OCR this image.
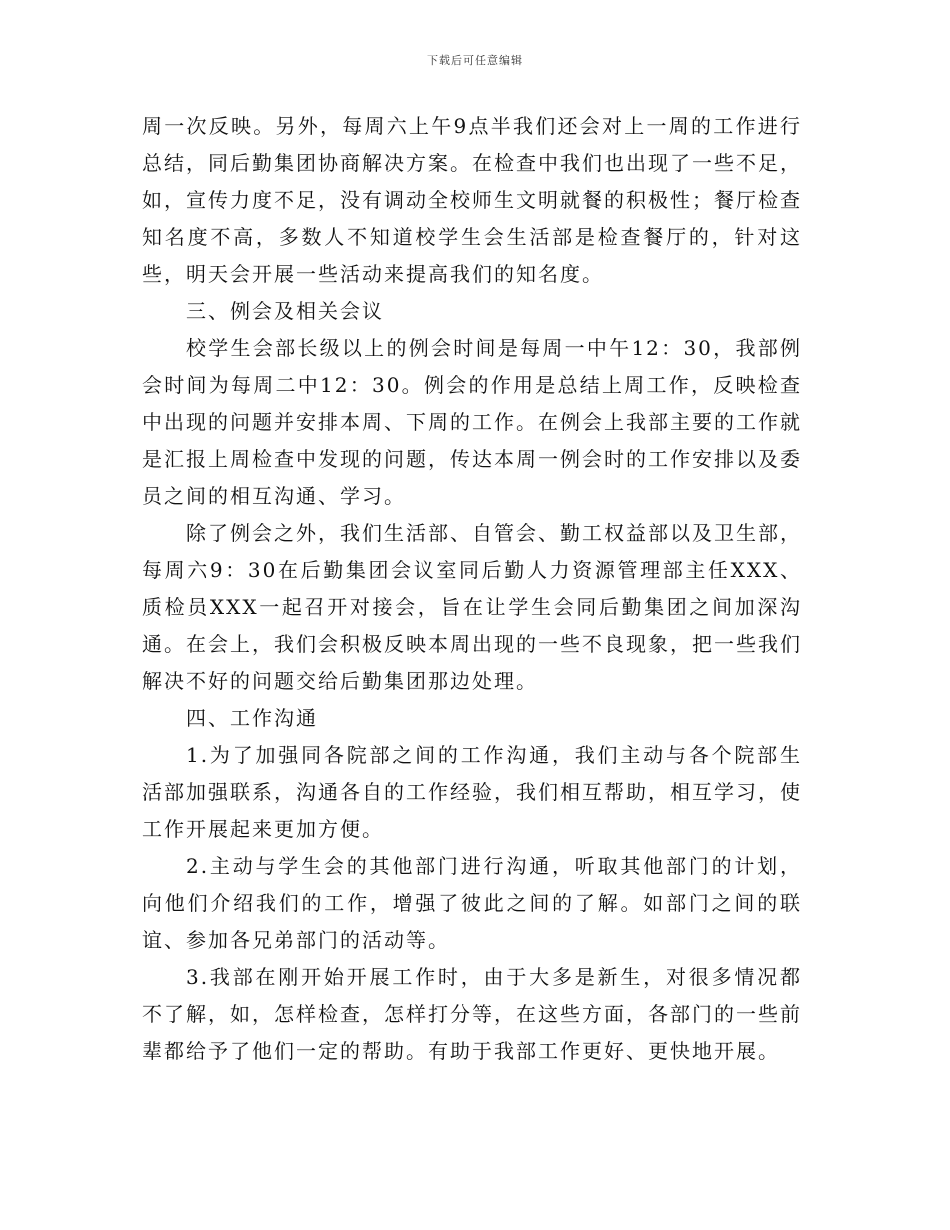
下载后可任意编辑

周一次反映。另外，每周六上午9点半我们还会对上一周的工作进行总结，同后勤集团协商解决方案。在检查中我们也出现了一些不足，如，宣传力度不足，没有调动全校师生文明就餐的积极性；餐厅检查知名度不高，多数人不知道校学生会生活部是检查餐厅的，针对这些，明天会开展一些活动来提高我们的知名度。

三、例会及相关会议

校学生会部长级以上的例会时间是每周一中午12：30，我部例会时间为每周二中12：30。例会的作用是总结上周工作，反映检查中出现的问题并安排本周、下周的工作。在例会上我部主要的工作就是汇报上周检查中发现的问题，传达本周一例会时的工作安排以及委员之间的相互沟通、学习。

除了例会之外，我们生活部、自管会、勤工权益部以及卫生部，每周六9：30在后勤集团会议室同后勤人力资源管理部主任XXX、质检员XXX一起召开对接会，旨在让学生会同后勤集团之间加深沟通。在会上，我们会积极反映本周出现的一些不良现象，把一些我们解决不好的问题交给后勤集团那边处理。

四、工作沟通

1.为了加强同各院部之间的工作沟通，我们主动与各个院部生活部加强联系，沟通各自的工作经验，我们相互帮助，相互学习，使工作开展起来更加方便。

2.主动与学生会的其他部门进行沟通，听取其他部门的计划，向他们介绍我们的工作，增强了彼此之间的了解。如部门之间的联谊、参加各兄弟部门的活动等。

3.我部在刚开始开展工作时，由于大多是新生，对很多情况都不了解，如，怎样检查，怎样打分等，在这些方面，各部门的一些前辈都给予了他们一定的帮助。有助于我部工作更好、更快地开展。
